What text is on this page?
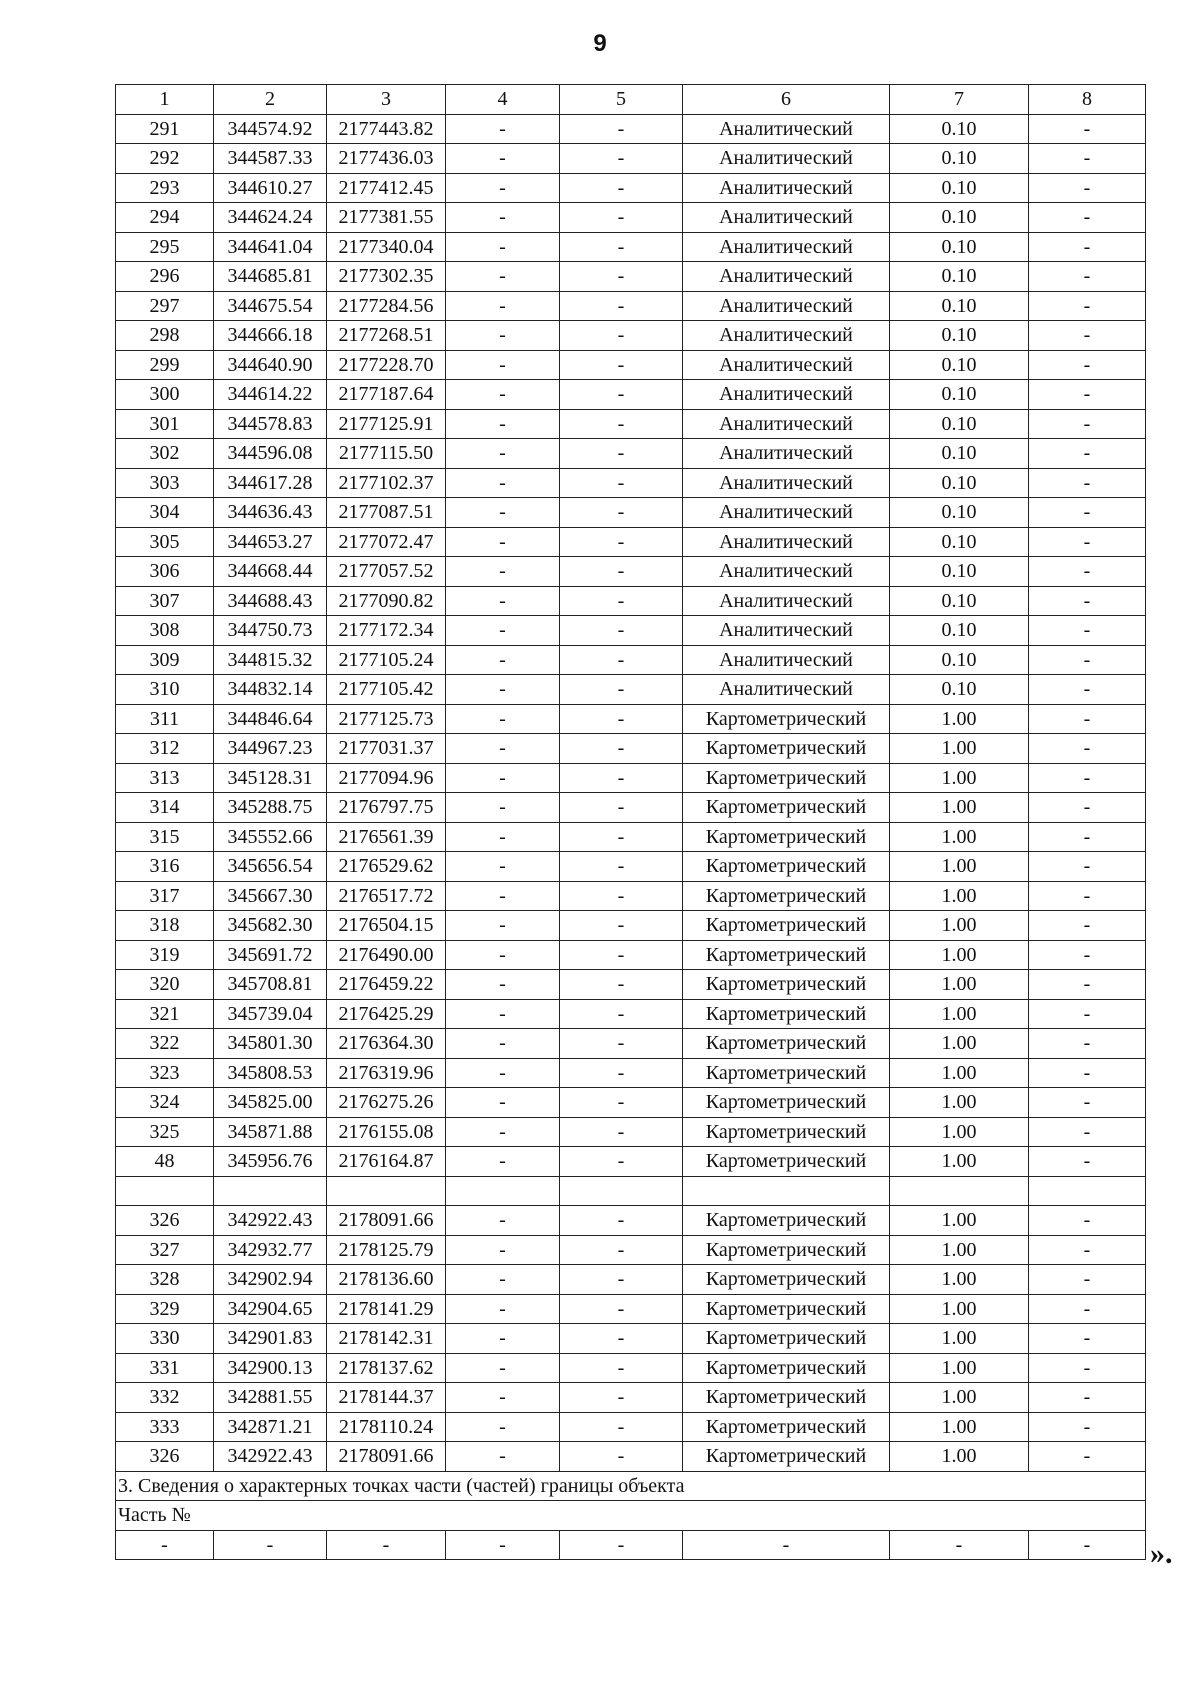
9
1	2	3	4	5	6	7	8
291	344574.92	2177443.82	-	-	Аналитический	0.10	-
292	344587.33	2177436.03	-	-	Аналитический	0.10	-
293	344610.27	2177412.45	-	-	Аналитический	0.10	-
294	344624.24	2177381.55	-	-	Аналитический	0.10	-
295	344641.04	2177340.04	-	-	Аналитический	0.10	-
296	344685.81	2177302.35	-	-	Аналитический	0.10	-
297	344675.54	2177284.56	-	-	Аналитический	0.10	-
298	344666.18	2177268.51	-	-	Аналитический	0.10	-
299	344640.90	2177228.70	-	-	Аналитический	0.10	-
300	344614.22	2177187.64	-	-	Аналитический	0.10	-
301	344578.83	2177125.91	-	-	Аналитический	0.10	-
302	344596.08	2177115.50	-	-	Аналитический	0.10	-
303	344617.28	2177102.37	-	-	Аналитический	0.10	-
304	344636.43	2177087.51	-	-	Аналитический	0.10	-
305	344653.27	2177072.47	-	-	Аналитический	0.10	-
306	344668.44	2177057.52	-	-	Аналитический	0.10	-
307	344688.43	2177090.82	-	-	Аналитический	0.10	-
308	344750.73	2177172.34	-	-	Аналитический	0.10	-
309	344815.32	2177105.24	-	-	Аналитический	0.10	-
310	344832.14	2177105.42	-	-	Аналитический	0.10	-
311	344846.64	2177125.73	-	-	Картометрический	1.00	-
312	344967.23	2177031.37	-	-	Картометрический	1.00	-
313	345128.31	2177094.96	-	-	Картометрический	1.00	-
314	345288.75	2176797.75	-	-	Картометрический	1.00	-
315	345552.66	2176561.39	-	-	Картометрический	1.00	-
316	345656.54	2176529.62	-	-	Картометрический	1.00	-
317	345667.30	2176517.72	-	-	Картометрический	1.00	-
318	345682.30	2176504.15	-	-	Картометрический	1.00	-
319	345691.72	2176490.00	-	-	Картометрический	1.00	-
320	345708.81	2176459.22	-	-	Картометрический	1.00	-
321	345739.04	2176425.29	-	-	Картометрический	1.00	-
322	345801.30	2176364.30	-	-	Картометрический	1.00	-
323	345808.53	2176319.96	-	-	Картометрический	1.00	-
324	345825.00	2176275.26	-	-	Картометрический	1.00	-
325	345871.88	2176155.08	-	-	Картометрический	1.00	-
48	345956.76	2176164.87	-	-	Картометрический	1.00	-

326	342922.43	2178091.66	-	-	Картометрический	1.00	-
327	342932.77	2178125.79	-	-	Картометрический	1.00	-
328	342902.94	2178136.60	-	-	Картометрический	1.00	-
329	342904.65	2178141.29	-	-	Картометрический	1.00	-
330	342901.83	2178142.31	-	-	Картометрический	1.00	-
331	342900.13	2178137.62	-	-	Картометрический	1.00	-
332	342881.55	2178144.37	-	-	Картометрический	1.00	-
333	342871.21	2178110.24	-	-	Картометрический	1.00	-
326	342922.43	2178091.66	-	-	Картометрический	1.00	-
3. Сведения о характерных точках части (частей) границы объекта							
Часть №							
-	-	-	-	-	-	-	- ».
